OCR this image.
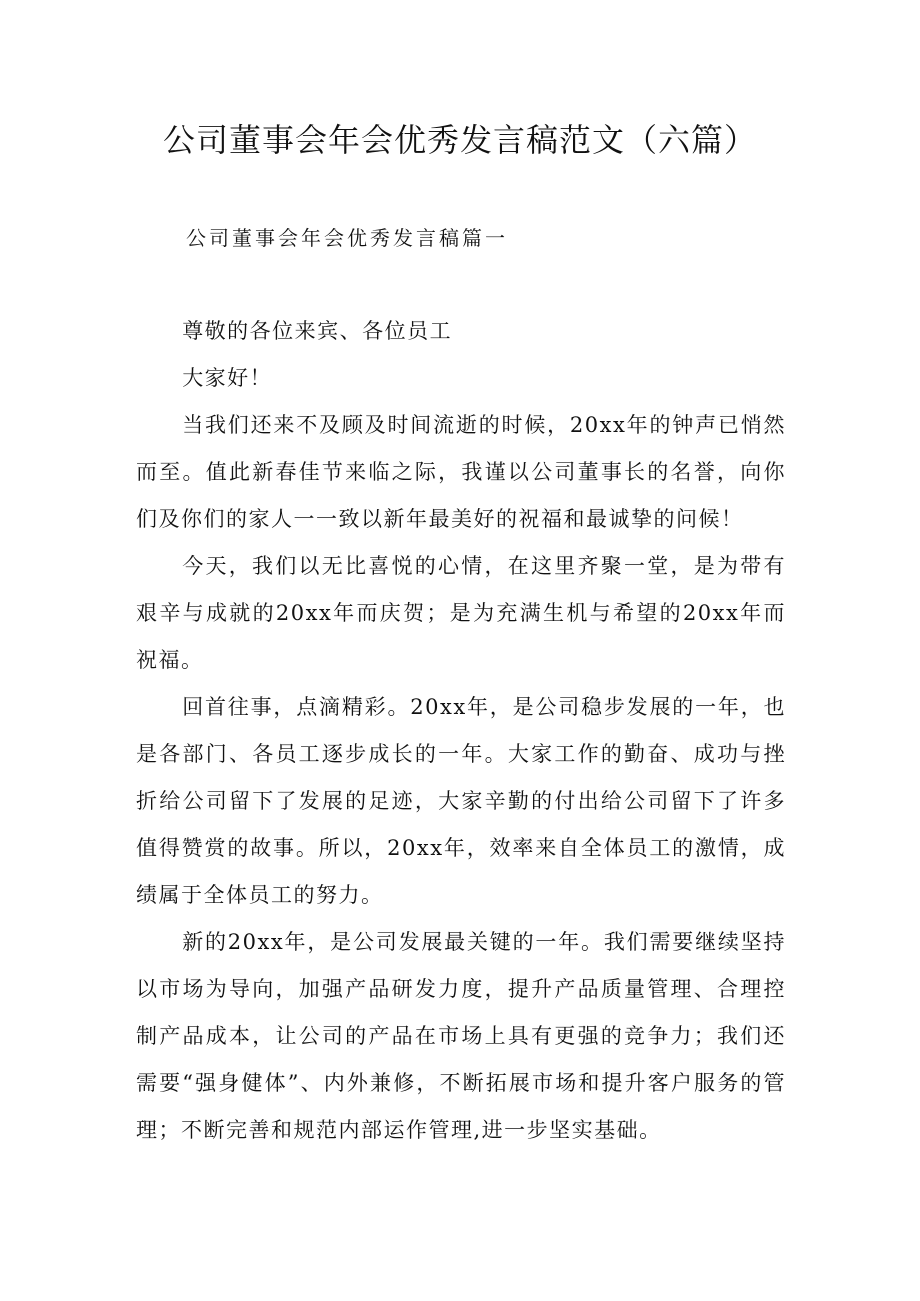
公司董事会年会优秀发言稿范文（六篇）

公司董事会年会优秀发言稿篇一

尊敬的各位来宾、各位员工

大家好！

当我们还来不及顾及时间流逝的时候，20xx年的钟声已悄然而至。值此新春佳节来临之际，我谨以公司董事长的名誉，向你们及你们的家人一一致以新年最美好的祝福和最诚挚的问候！

今天，我们以无比喜悦的心情，在这里齐聚一堂，是为带有艰辛与成就的20xx年而庆贺；是为充满生机与希望的20xx年而祝福。

回首往事，点滴精彩。20xx年，是公司稳步发展的一年，也是各部门、各员工逐步成长的一年。大家工作的勤奋、成功与挫折给公司留下了发展的足迹，大家辛勤的付出给公司留下了许多值得赞赏的故事。所以，20xx年，效率来自全体员工的激情，成绩属于全体员工的努力。

新的20xx年，是公司发展最关键的一年。我们需要继续坚持以市场为导向，加强产品研发力度，提升产品质量管理、合理控制产品成本，让公司的产品在市场上具有更强的竞争力；我们还需要“强身健体”、内外兼修，不断拓展市场和提升客户服务的管理；不断完善和规范内部运作管理,进一步坚实基础。
